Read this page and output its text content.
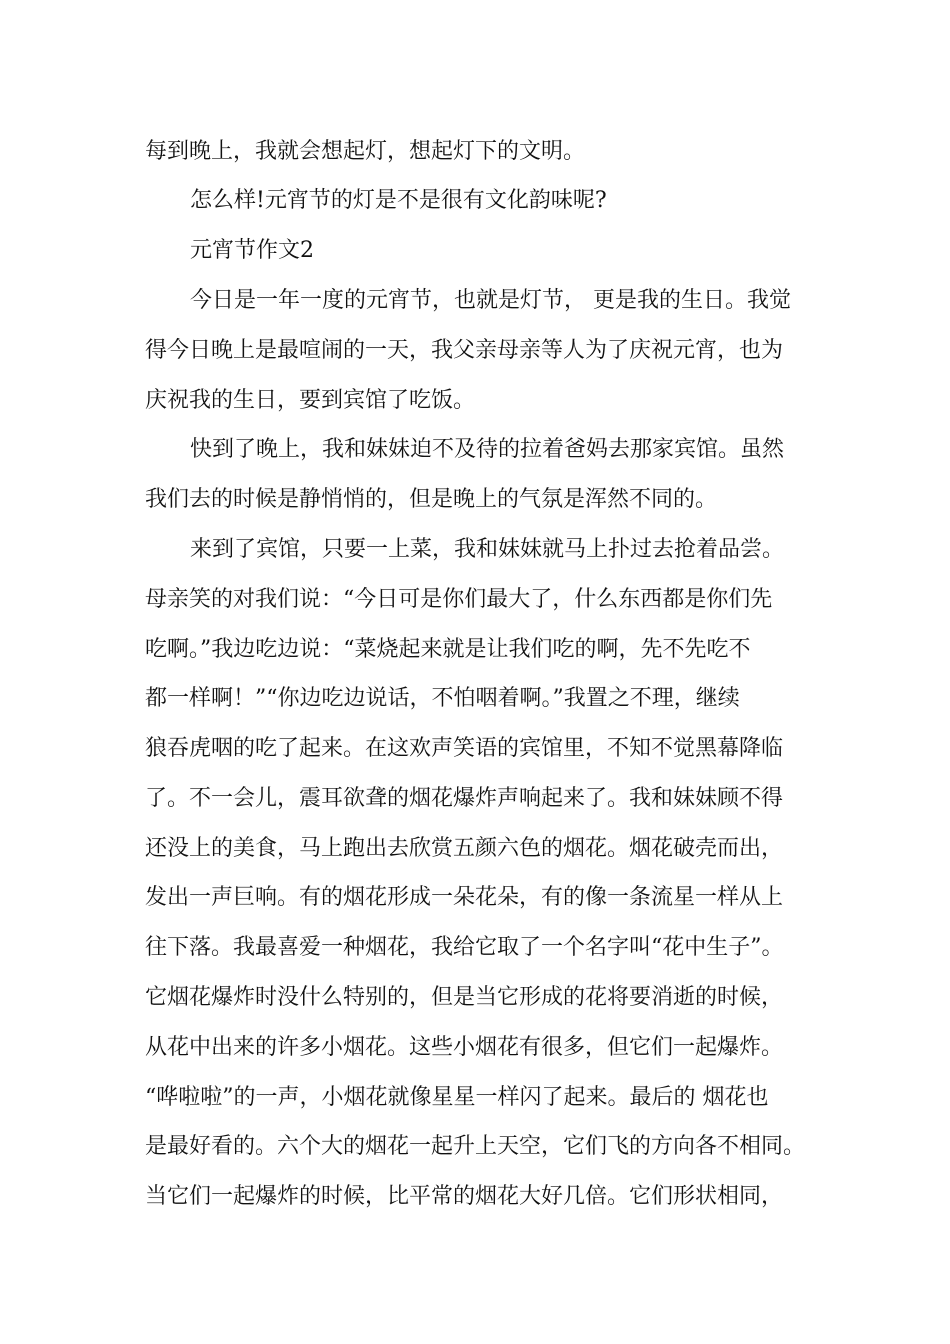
每到晚上，我就会想起灯，想起灯下的文明。
怎么样!元宵节的灯是不是很有文化韵味呢?
元宵节作文2
今日是一年一度的元宵节，也就是灯节， 更是我的生日。我觉
得今日晚上是最喧闹的一天，我父亲母亲等人为了庆祝元宵，也为
庆祝我的生日，要到宾馆了吃饭。
快到了晚上，我和妹妹迫不及待的拉着爸妈去那家宾馆。虽然
我们去的时候是静悄悄的，但是晚上的气氛是浑然不同的。
来到了宾馆，只要一上菜，我和妹妹就马上扑过去抢着品尝。
母亲笑的对我们说：“今日可是你们最大了，什么东西都是你们先
吃啊。”我边吃边说：“菜烧起来就是让我们吃的啊，先不先吃不
都一样啊！”“你边吃边说话，不怕咽着啊。”我置之不理，继续
狼吞虎咽的吃了起来。在这欢声笑语的宾馆里，不知不觉黑幕降临
了。不一会儿，震耳欲聋的烟花爆炸声响起来了。我和妹妹顾不得
还没上的美食，马上跑出去欣赏五颜六色的烟花。烟花破壳而出，
发出一声巨响。有的烟花形成一朵花朵，有的像一条流星一样从上
往下落。我最喜爱一种烟花，我给它取了一个名字叫“花中生子”。
它烟花爆炸时没什么特别的，但是当它形成的花将要消逝的时候，
从花中出来的许多小烟花。这些小烟花有很多，但它们一起爆炸。
“哗啦啦”的一声，小烟花就像星星一样闪了起来。最后的 烟花也
是最好看的。六个大的烟花一起升上天空，它们飞的方向各不相同。
当它们一起爆炸的时候，比平常的烟花大好几倍。它们形状相同，
